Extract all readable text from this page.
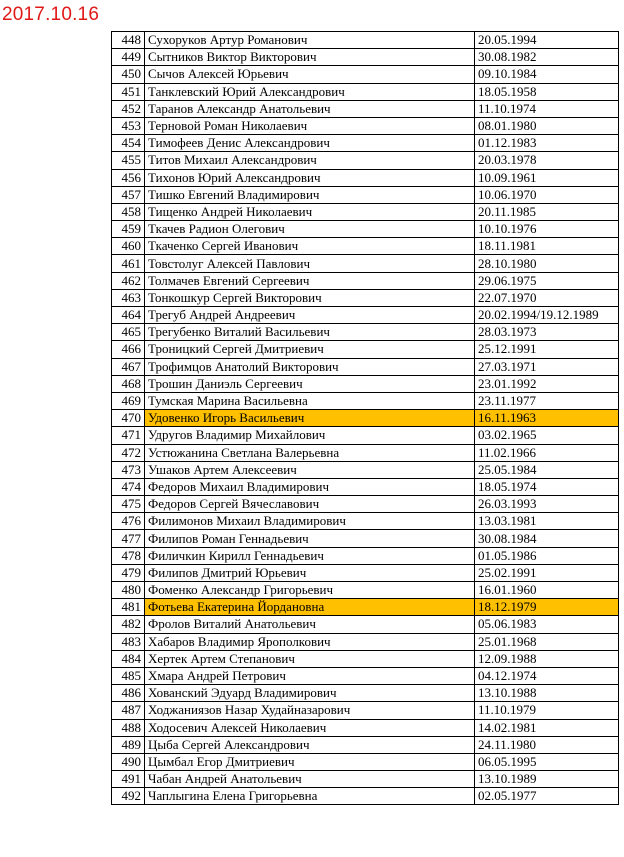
2017.10.16
448	Сухоруков Артур Романович	20.05.1994
449	Сытников Виктор Викторович	30.08.1982
450	Сычов Алексей Юрьевич	09.10.1984
451	Танклевский Юрий Александрович	18.05.1958
452	Таранов Александр Анатольевич	11.10.1974
453	Терновой Роман Николаевич	08.01.1980
454	Тимофеев Денис Александрович	01.12.1983
455	Титов Михаил Александрович	20.03.1978
456	Тихонов Юрий Александрович	10.09.1961
457	Тишко Евгений Владимирович	10.06.1970
458	Тищенко Андрей Николаевич	20.11.1985
459	Ткачев Радион Олегович	10.10.1976
460	Ткаченко Сергей Иванович	18.11.1981
461	Товстолуг Алексей Павлович	28.10.1980
462	Толмачев Евгений Сергеевич	29.06.1975
463	Тонкошкур Сергей Викторович	22.07.1970
464	Трегуб Андрей Андреевич	20.02.1994/19.12.1989
465	Трегубенко Виталий Васильевич	28.03.1973
466	Троницкий Сергей Дмитриевич	25.12.1991
467	Трофимцов Анатолий Викторович	27.03.1971
468	Трошин Даниэль Сергеевич	23.01.1992
469	Тумская Марина Васильевна	23.11.1977
470	Удовенко Игорь Васильевич	16.11.1963
471	Удругов Владимир Михайлович	03.02.1965
472	Устюжанина Светлана Валерьевна	11.02.1966
473	Ушаков Артем Алексеевич	25.05.1984
474	Федоров Михаил Владимирович	18.05.1974
475	Федоров Сергей Вячеславович	26.03.1993
476	Филимонов Михаил Владимирович	13.03.1981
477	Филипов Роман Геннадьевич	30.08.1984
478	Филичкин Кирилл Геннадьевич	01.05.1986
479	Филипов Дмитрий Юрьевич	25.02.1991
480	Фоменко Александр Григорьевич	16.01.1960
481	Фотьева Екатерина Йордановна	18.12.1979
482	Фролов Виталий Анатольевич	05.06.1983
483	Хабаров Владимир Ярополкович	25.01.1968
484	Хертек Артем Степанович	12.09.1988
485	Хмара Андрей Петрович	04.12.1974
486	Хованский Эдуард Владимирович	13.10.1988
487	Ходжаниязов Назар Худайназарович	11.10.1979
488	Ходосевич Алексей Николаевич	14.02.1981
489	Цыба Сергей Александрович	24.11.1980
490	Цымбал Егор Дмитриевич	06.05.1995
491	Чабан Андрей Анатольевич	13.10.1989
492	Чаплыгина Елена Григорьевна	02.05.1977
